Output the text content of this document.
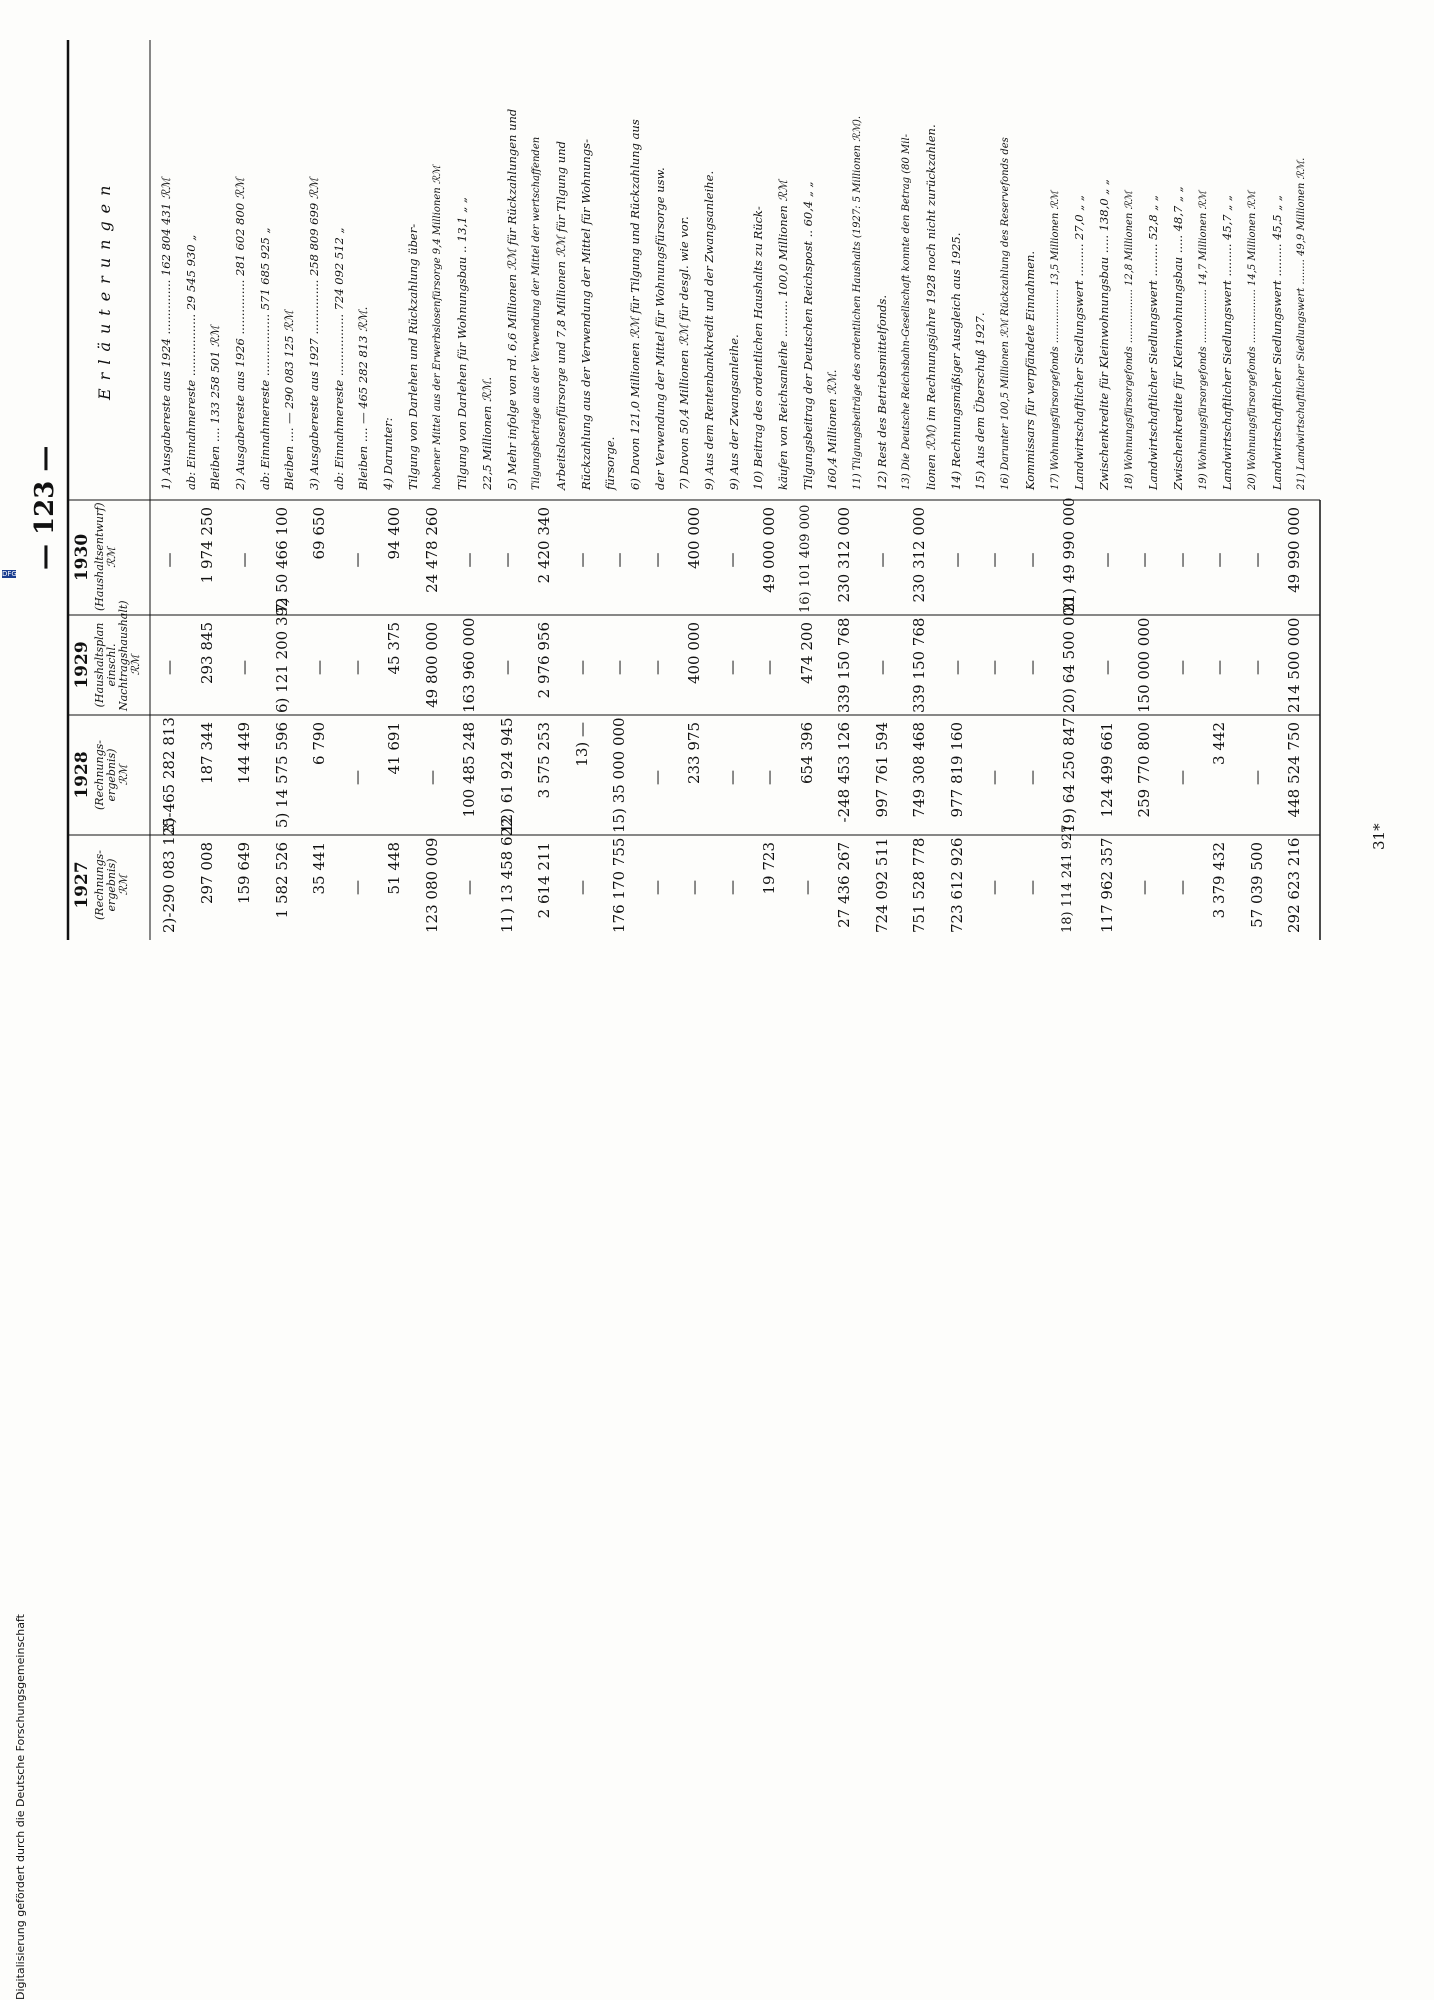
— 123 —
1927 (Rechnungs- ergebnis) ℛℳ
1928 (Rechnungs- ergebnis) ℛℳ
1929 (Haushaltsplan einschl. Nachtragshaushalt) ℛℳ
1930 (Haushaltsentwurf) ℛℳ
Erläuterungen
2)-290 083 125
3)-465 282 813
—
—
297 008
187 344
293 845
1 974 250
159 649
144 449
—
—
1 582 526
5) 14 575 596
6) 121 200 392
7) 50 466 100
35 441
6 790
—
69 650
—
—
—
—
51 448
41 691
45 375
94 400
123 080 009
—
49 800 000
24 478 260
—
100 485 248
163 960 000
—
11) 13 458 622
12) 61 924 945
—
—
2 614 211
3 575 253
2 976 956
2 420 340
—
13) —
—
—
176 170 755
15) 35 000 000
—
—
—
—
—
—
—
233 975
400 000
400 000
—
—
—
—
19 723
—
—
49 000 000
—
654 396
474 200
16) 101 409 000
27 436 267
-248 453 126
339 150 768
230 312 000
724 092 511
997 761 594
—
—
751 528 778
749 308 468
339 150 768
230 312 000
723 612 926
977 819 160
—
—
—
—
—
—
—
—
—
—
18) 114 241 927
19) 64 250 847
20) 64 500 000
21) 49 990 000
117 962 357
124 499 661
—
—
—
259 770 800
150 000 000
—
—
—
—
—
3 379 432
3 442
—
—
57 039 500
—
—
—
292 623 216
448 524 750
214 500 000
49 990 000
1) Ausgabereste aus 1924 ............... 162 804 431 ℛℳ ab: Einnahmereste ................. 29 545 930 „ Bleiben .... 133 258 501 ℛℳ 2) Ausgabereste aus 1926 ............... 281 602 800 ℛℳ ab: Einnahmereste ................. 571 685 925 „ Bleiben .... — 290 083 125 ℛℳ 3) Ausgabereste aus 1927 ............... 258 809 699 ℛℳ ab: Einnahmereste ................. 724 092 512 „ Bleiben .... — 465 282 813 ℛℳ. 4) Darunter: Tilgung von Darlehen und Rückzahlung über- hobener Mittel aus der Erwerbslosenfürsorge 9,4 Millionen ℛℳ Tilgung von Darlehen für Wohnungsbau .. 13,1 „ „ 22,5 Millionen ℛℳ. 5) Mehr infolge von rd. 6,6 Millionen ℛℳ für Rückzahlungen und Tilgungsbeträge aus der Verwendung der Mittel der wertschaffenden Arbeitslosenfürsorge und 7,8 Millionen ℛℳ für Tilgung und Rückzahlung aus der Verwendung der Mittel für Wohnungs- fürsorge. 6) Davon 121,0 Millionen ℛℳ für Tilgung und Rückzahlung aus der Verwendung der Mittel für Wohnungsfürsorge usw. 7) Davon 50,4 Millionen ℛℳ für desgl. wie vor. 9) Aus dem Rentenbankkredit und der Zwangsanleihe. 9) Aus der Zwangsanleihe. 10) Beitrag des ordentlichen Haushalts zu Rück- käufen von Reichsanleihe .......... 100,0 Millionen ℛℳ Tilgungsbeitrag der Deutschen Reichspost .. 60,4 „ „ 160,4 Millionen ℛℳ. 11) Tilgungsbeiträge des ordentlichen Haushalts (1927: 5 Millionen ℛℳ). 12) Rest des Betriebsmittelfonds. 13) Die Deutsche Reichsbahn-Gesellschaft konnte den Betrag (80 Mil- lionen ℛℳ) im Rechnungsjahre 1928 noch nicht zurückzahlen. 14) Rechnungsmäßiger Ausgleich aus 1925. 15) Aus dem Überschuß 1927. 16) Darunter 100,5 Millionen ℛℳ Rückzahlung des Reservefonds des Kommissars für verpfändete Einnahmen. 17) Wohnungsfürsorgefonds ................. 13,5 Millionen ℛℳ Landwirtschaftlicher Siedlungswert ......... 27,0 „ „ Zwischenkredite für Kleinwohnungsbau ..... 138,0 „ „ 18) Wohnungsfürsorgefonds ................. 12,8 Millionen ℛℳ Landwirtschaftlicher Siedlungswert ......... 52,8 „ „ Zwischenkredite für Kleinwohnungsbau ..... 48,7 „ „ 19) Wohnungsfürsorgefonds ................. 14,7 Millionen ℛℳ Landwirtschaftlicher Siedlungswert ......... 45,7 „ „ 20) Wohnungsfürsorgefonds ................. 14,5 Millionen ℛℳ Landwirtschaftlicher Siedlungswert ......... 45,5 „ „ 21) Landwirtschaftlicher Siedlungswert ........ 49,9 Millionen ℛℳ.
31*
Digitalisierung gefördert durch die Deutsche Forschungsgemeinschaft
DFG
